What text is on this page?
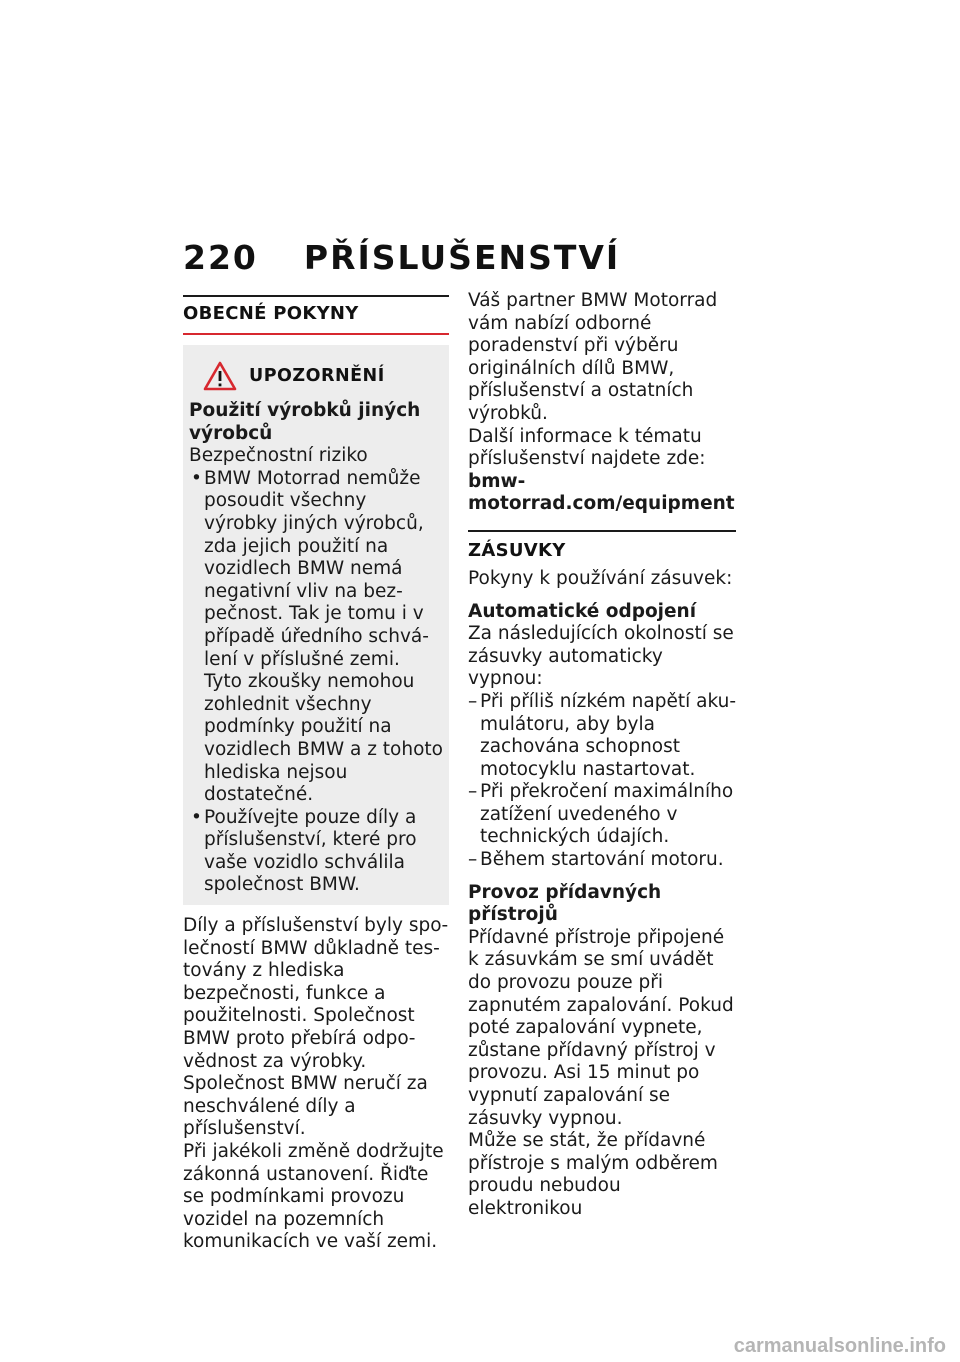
220 PŘÍSLUŠENSTVÍ
OBECNÉ POKYNY
UPOZORNĚNÍ

Použití výrobků jiných výrobců

Bezpečnostní riziko

• BMW Motorrad nemůže posoudit všechny výrobky jiných výrobců, zda jejich použití na vozidlech BMW nemá negativní vliv na bezpečnost. Tak je tomu i v případě úředního schválení v příslušné zemi. Tyto zkoušky nemohou zohlednit všechny podmínky použití na vozidlech BMW a z tohoto hlediska nejsou dostatečné.
• Používejte pouze díly a příslušenství, které pro vaše vozidlo schválila společnost BMW.

Díly a příslušenství byly společností BMW důkladně testovány z hlediska bezpečnosti, funkce a použitelnosti. Společnost BMW proto přebírá odpovědnost za výrobky. Společnost BMW neručí za neschválené díly a příslušenství.

Při jakékoli změně dodržujte zákonná ustanovení. Řiďte se podmínkami provozu vozidel na pozemních komunikacích ve vaší zemi.

Váš partner BMW Motorrad vám nabízí odborné poradenství při výběru originálních dílů BMW, příslušenství a ostatních výrobků.

Další informace k tématu příslušenství najdete zde:

bmw-motorrad.com/equipment

ZÁSUVKY

Pokyny k používání zásuvek:

Automatické odpojení

Za následujících okolností se zásuvky automaticky vypnou:

– Při příliš nízkém napětí akumulátoru, aby byla zachována schopnost motocyklu nastartovat.
– Při překročení maximálního zatížení uvedeného v technických údajích.
– Během startování motoru.

Provoz přídavných přístrojů

Přídavné přístroje připojené k zásuvkám se smí uvádět do provozu pouze při zapnutém zapalování. Pokud poté zapalování vypnete, zůstane přídavný přístroj v provozu. Asi 15 minut po vypnutí zapalování se zásuvky vypnou.

Může se stát, že přídavné přístroje s malým odběrem proudu nebudou elektronikou

carmanualsonline.info
